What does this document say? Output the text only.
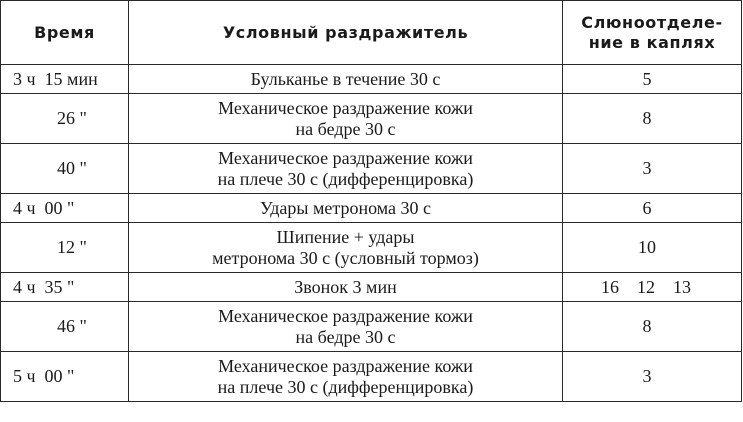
Время	Условный раздражитель	Слюноотделе-
ние в каплях

3 ч  15 мин	Бульканье в течение 30 с	5
26 "	Механическое раздражение кожи
на бедре 30 с	8
40 "	Механическое раздражение кожи
на плече 30 с (дифференцировка)	3
4 ч  00 "	Удары метронома 30 с	6
12 "	Шипение + удары
метронома 30 с (условный тормоз)	10
4 ч  35 "	Звонок 3 мин	16    12    13
46 "	Механическое раздражение кожи
на бедре 30 с	8
5 ч  00 "	Механическое раздражение кожи
на плече 30 с (дифференцировка)	3
